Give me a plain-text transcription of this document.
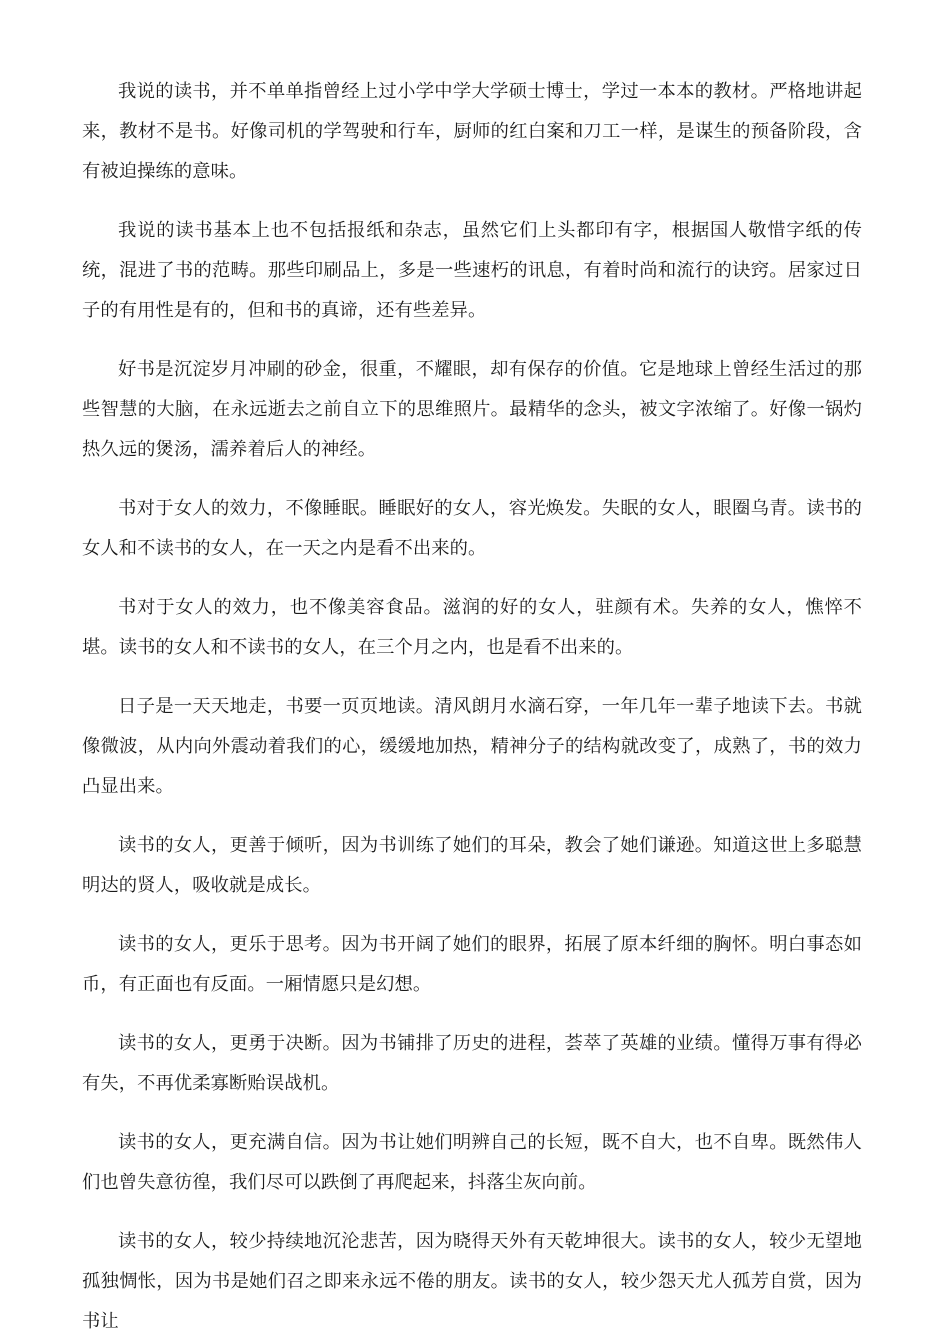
我说的读书，并不单单指曾经上过小学中学大学硕士博士，学过一本本的教材。严格地讲起来，教材不是书。好像司机的学驾驶和行车，厨师的红白案和刀工一样，是谋生的预备阶段，含有被迫操练的意味。

我说的读书基本上也不包括报纸和杂志，虽然它们上头都印有字，根据国人敬惜字纸的传统，混进了书的范畴。那些印刷品上，多是一些速朽的讯息，有着时尚和流行的诀窍。居家过日子的有用性是有的，但和书的真谛，还有些差异。

好书是沉淀岁月冲刷的砂金，很重，不耀眼，却有保存的价值。它是地球上曾经生活过的那些智慧的大脑，在永远逝去之前自立下的思维照片。最精华的念头，被文字浓缩了。好像一锅灼热久远的煲汤，濡养着后人的神经。

书对于女人的效力，不像睡眠。睡眠好的女人，容光焕发。失眠的女人，眼圈乌青。读书的女人和不读书的女人，在一天之内是看不出来的。

书对于女人的效力，也不像美容食品。滋润的好的女人，驻颜有术。失养的女人，憔悴不堪。读书的女人和不读书的女人，在三个月之内，也是看不出来的。

日子是一天天地走，书要一页页地读。清风朗月水滴石穿，一年几年一辈子地读下去。书就像微波，从内向外震动着我们的心，缓缓地加热，精神分子的结构就改变了，成熟了，书的效力凸显出来。

读书的女人，更善于倾听，因为书训练了她们的耳朵，教会了她们谦逊。知道这世上多聪慧明达的贤人，吸收就是成长。

读书的女人，更乐于思考。因为书开阔了她们的眼界，拓展了原本纤细的胸怀。明白事态如币，有正面也有反面。一厢情愿只是幻想。

读书的女人，更勇于决断。因为书铺排了历史的进程，荟萃了英雄的业绩。懂得万事有得必有失，不再优柔寡断贻误战机。

读书的女人，更充满自信。因为书让她们明辨自己的长短，既不自大，也不自卑。既然伟人们也曾失意彷徨，我们尽可以跌倒了再爬起来，抖落尘灰向前。

读书的女人，较少持续地沉沦悲苦，因为晓得天外有天乾坤很大。读书的女人，较少无望地孤独惆怅，因为书是她们召之即来永远不倦的朋友。读书的女人，较少怨天尤人孤芳自赏，因为书让
